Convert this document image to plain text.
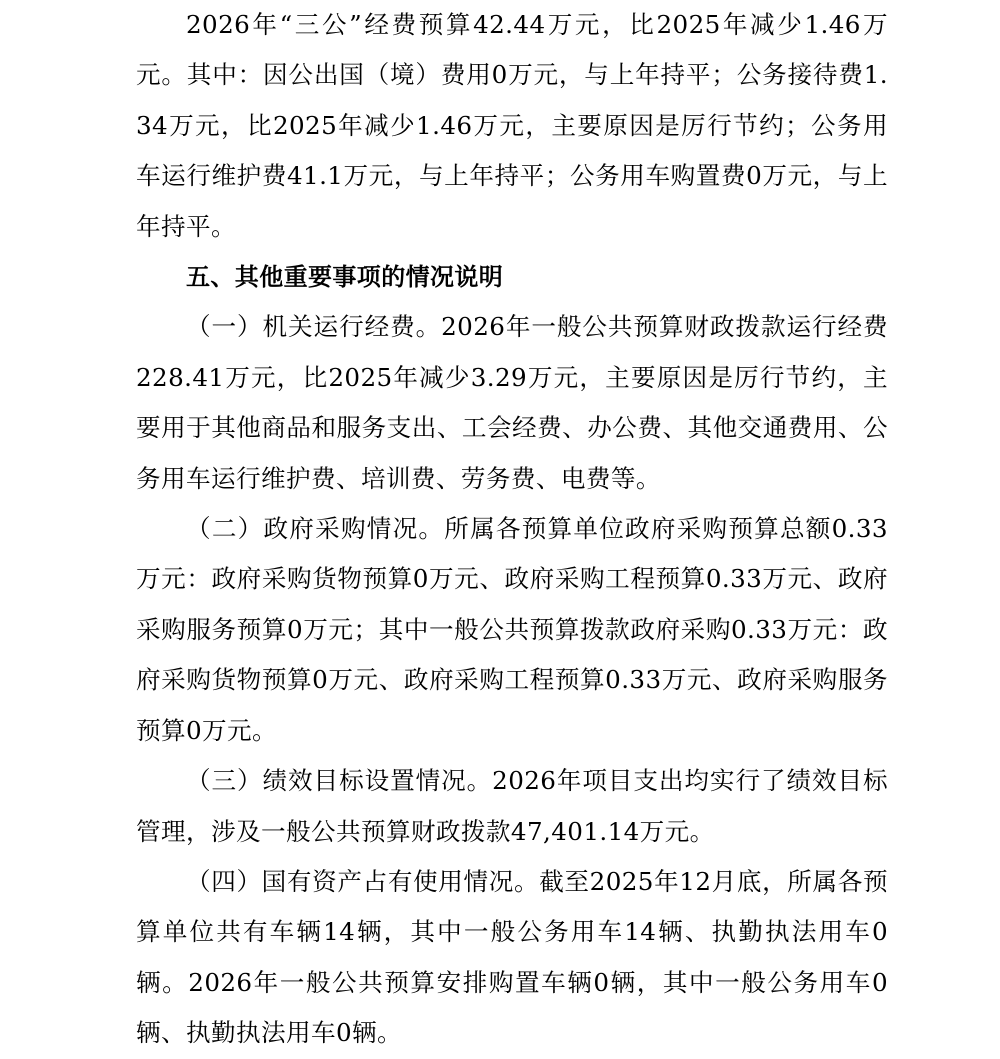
2026年“三公”经费预算42.44万元，比2025年减少1.46万元。其中：因公出国（境）费用0万元，与上年持平；公务接待费1.34万元，比2025年减少1.46万元，主要原因是厉行节约；公务用车运行维护费41.1万元，与上年持平；公务用车购置费0万元，与上年持平。

五、其他重要事项的情况说明

（一）机关运行经费。2026年一般公共预算财政拨款运行经费228.41万元，比2025年减少3.29万元，主要原因是厉行节约，主要用于其他商品和服务支出、工会经费、办公费、其他交通费用、公务用车运行维护费、培训费、劳务费、电费等。

（二）政府采购情况。所属各预算单位政府采购预算总额0.33万元：政府采购货物预算0万元、政府采购工程预算0.33万元、政府采购服务预算0万元；其中一般公共预算拨款政府采购0.33万元：政府采购货物预算0万元、政府采购工程预算0.33万元、政府采购服务预算0万元。

（三）绩效目标设置情况。2026年项目支出均实行了绩效目标管理，涉及一般公共预算财政拨款47,401.14万元。

（四）国有资产占有使用情况。截至2025年12月底，所属各预算单位共有车辆14辆，其中一般公务用车14辆、执勤执法用车0辆。2026年一般公共预算安排购置车辆0辆，其中一般公务用车0辆、执勤执法用车0辆。
